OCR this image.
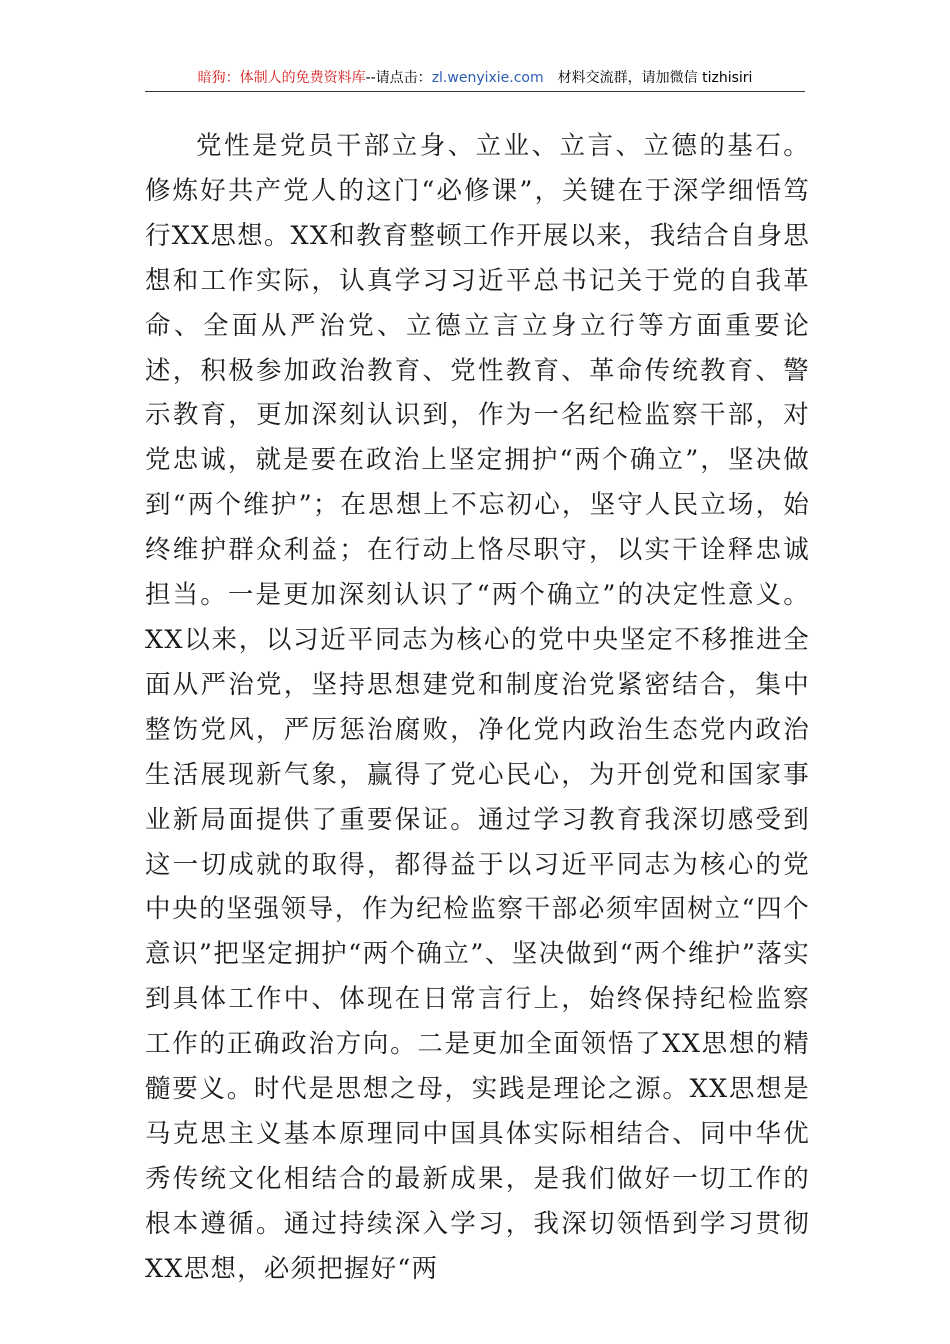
暗狗：体制人的免费资料库--请点击：zl.wenyixie.com 材料交流群，请加微信 tizhisiri

党性是党员干部立身、立业、立言、立德的基石。修炼好共产党人的这门“必修课”，关键在于深学细悟笃行XX思想。XX和教育整顿工作开展以来，我结合自身思想和工作实际，认真学习习近平总书记关于党的自我革命、全面从严治党、立德立言立身立行等方面重要论述，积极参加政治教育、党性教育、革命传统教育、警示教育，更加深刻认识到，作为一名纪检监察干部，对党忠诚，就是要在政治上坚定拥护“两个确立”，坚决做到“两个维护”；在思想上不忘初心，坚守人民立场，始终维护群众利益；在行动上恪尽职守，以实干诠释忠诚担当。一是更加深刻认识了“两个确立”的决定性意义。XX以来，以习近平同志为核心的党中央坚定不移推进全面从严治党，坚持思想建党和制度治党紧密结合，集中整饬党风，严厉惩治腐败，净化党内政治生态党内政治生活展现新气象，赢得了党心民心，为开创党和国家事业新局面提供了重要保证。通过学习教育我深切感受到这一切成就的取得，都得益于以习近平同志为核心的党中央的坚强领导，作为纪检监察干部必须牢固树立“四个意识”把坚定拥护“两个确立”、坚决做到“两个维护”落实到具体工作中、体现在日常言行上，始终保持纪检监察工作的正确政治方向。二是更加全面领悟了XX思想的精髓要义。时代是思想之母，实践是理论之源。XX思想是马克思主义基本原理同中国具体实际相结合、同中华优秀传统文化相结合的最新成果，是我们做好一切工作的根本遵循。通过持续深入学习，我深切领悟到学习贯彻XX思想，必须把握好“两
